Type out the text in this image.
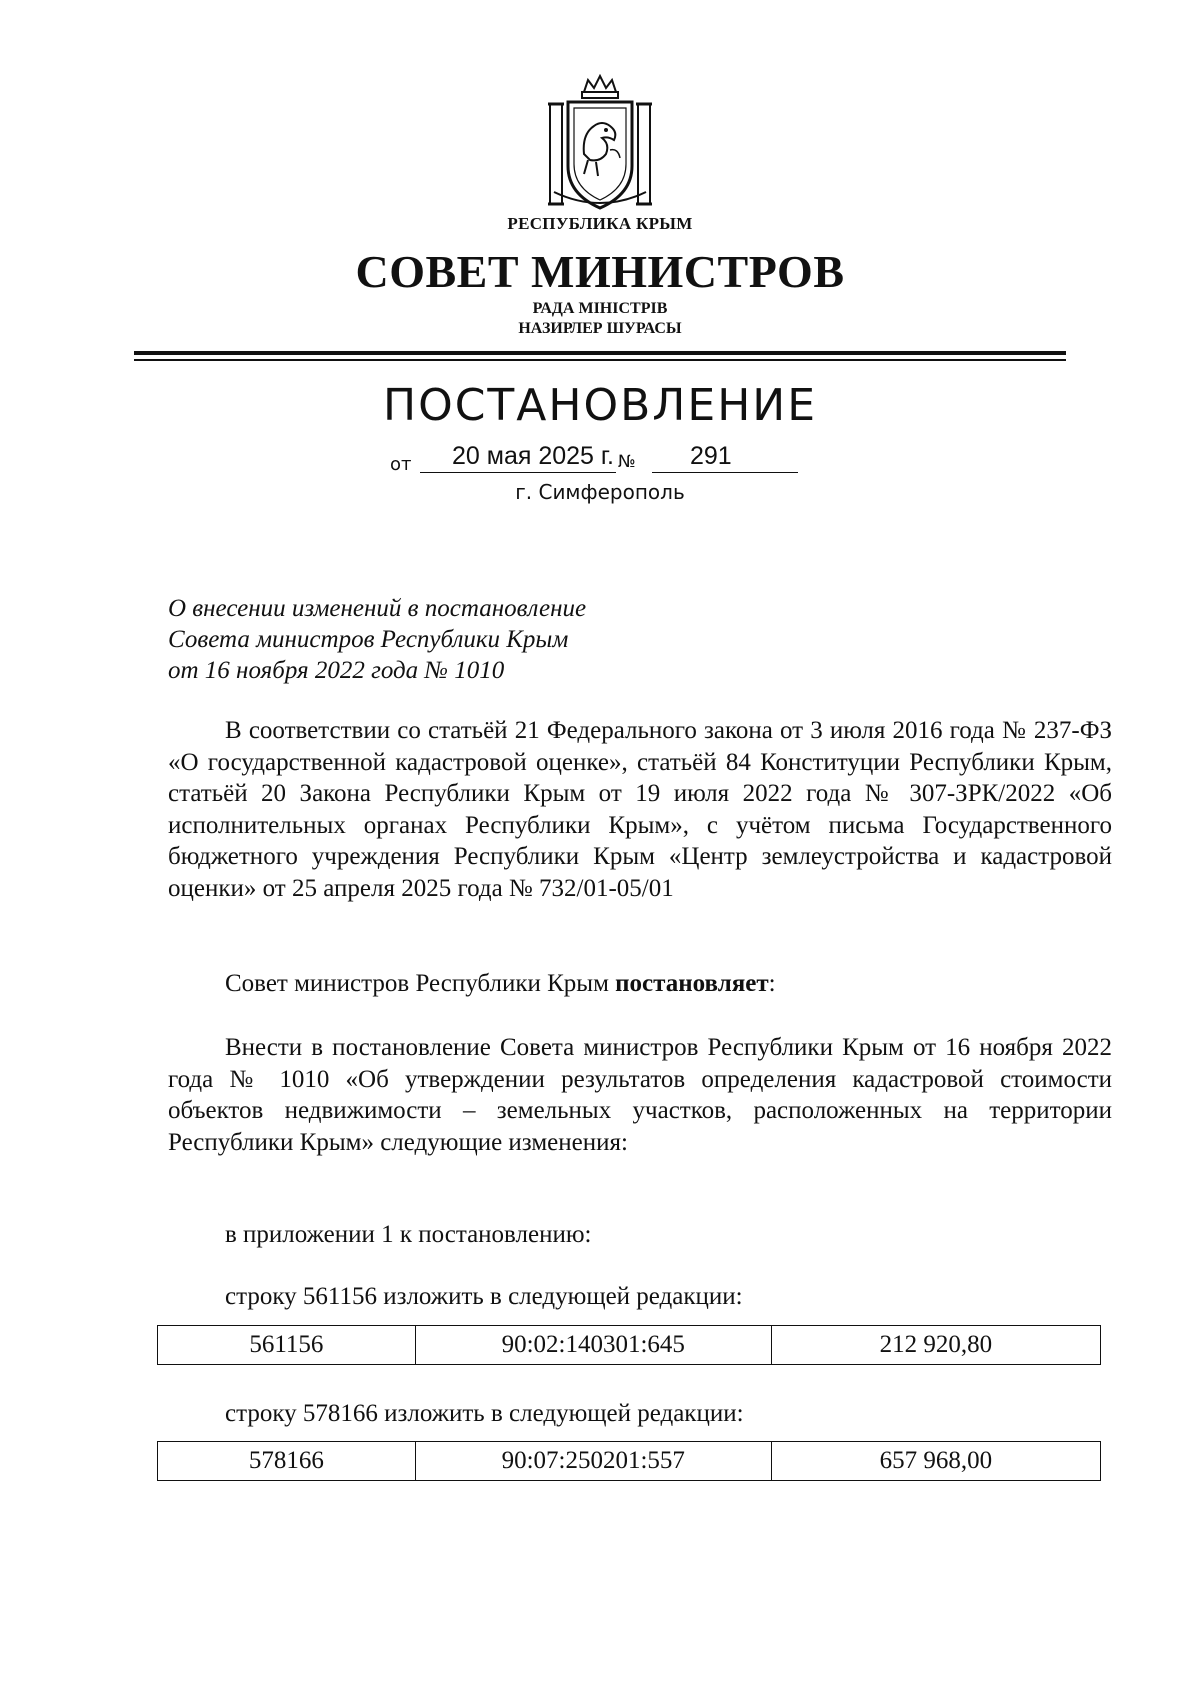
РЕСПУБЛИКА КРЫМ
СОВЕТ МИНИСТРОВ
РАДА МІНІСТРІВ
НАЗИРЛЕР ШУРАСЫ
ПОСТАНОВЛЕНИЕ
от 20 мая 2025 г. № 291
г. Симферополь
О внесении изменений в постановление
Совета министров Республики Крым
от 16 ноября 2022 года № 1010

В соответствии со статьёй 21 Федерального закона от 3 июля 2016 года № 237-ФЗ «О государственной кадастровой оценке», статьёй 84 Конституции Республики Крым, статьёй 20 Закона Республики Крым от 19 июля 2022 года № 307-ЗРК/2022 «Об исполнительных органах Республики Крым», с учётом письма Государственного бюджетного учреждения Республики Крым «Центр землеустройства и кадастровой оценки» от 25 апреля 2025 года № 732/01-05/01

Совет министров Республики Крым постановляет:

Внести в постановление Совета министров Республики Крым от 16 ноября 2022 года № 1010 «Об утверждении результатов определения кадастровой стоимости объектов недвижимости – земельных участков, расположенных на территории Республики Крым» следующие изменения:

в приложении 1 к постановлению:

строку 561156 изложить в следующей редакции:

561156	90:02:140301:645	212 920,80

строку 578166 изложить в следующей редакции:

578166	90:07:250201:557	657 968,00
